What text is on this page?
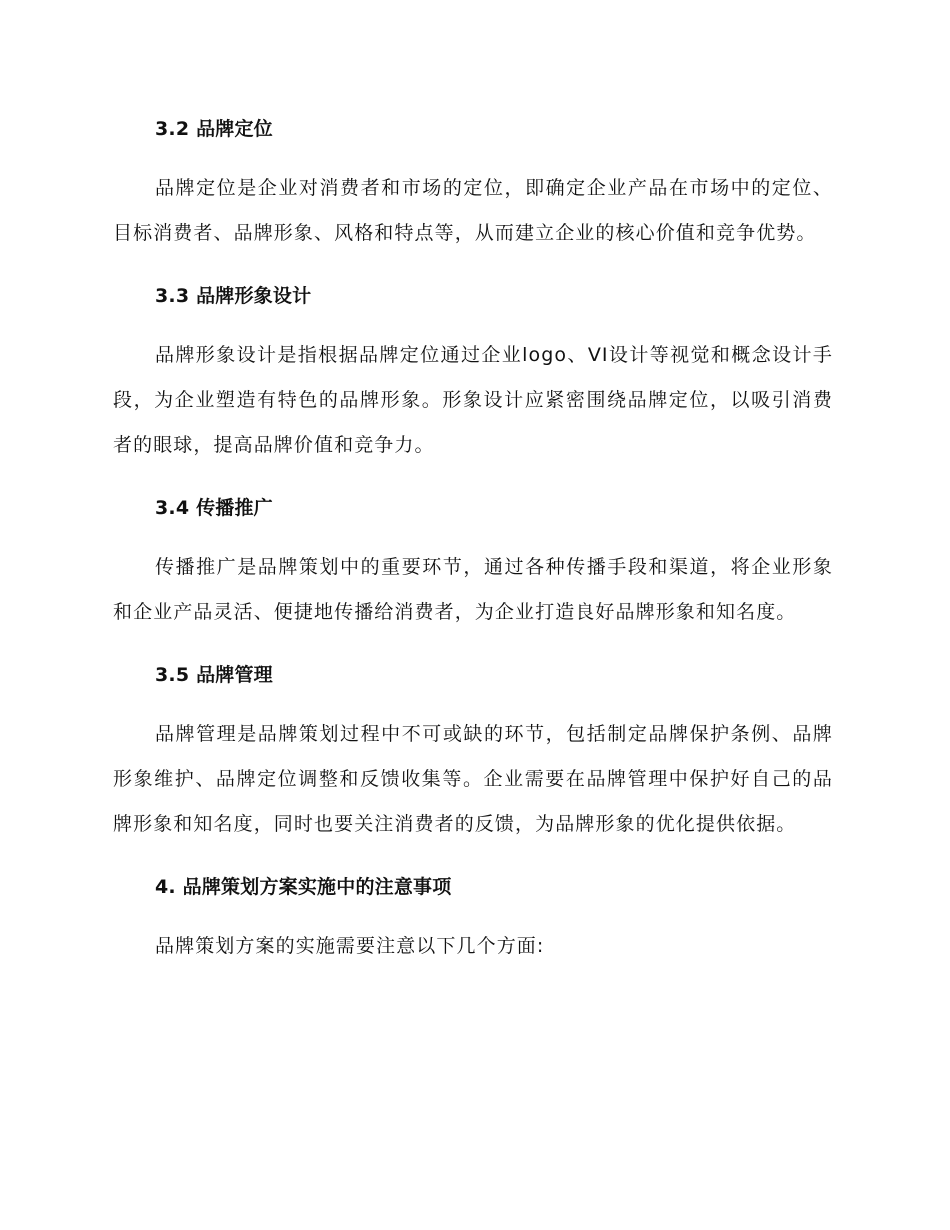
3.2 品牌定位

品牌定位是企业对消费者和市场的定位，即确定企业产品在市场中的定位、目标消费者、品牌形象、风格和特点等，从而建立企业的核心价值和竞争优势。

3.3 品牌形象设计

品牌形象设计是指根据品牌定位通过企业logo、VI设计等视觉和概念设计手段，为企业塑造有特色的品牌形象。形象设计应紧密围绕品牌定位，以吸引消费者的眼球，提高品牌价值和竞争力。

3.4 传播推广

传播推广是品牌策划中的重要环节，通过各种传播手段和渠道，将企业形象和企业产品灵活、便捷地传播给消费者，为企业打造良好品牌形象和知名度。

3.5 品牌管理

品牌管理是品牌策划过程中不可或缺的环节，包括制定品牌保护条例、品牌形象维护、品牌定位调整和反馈收集等。企业需要在品牌管理中保护好自己的品牌形象和知名度，同时也要关注消费者的反馈，为品牌形象的优化提供依据。

4. 品牌策划方案实施中的注意事项

品牌策划方案的实施需要注意以下几个方面:
